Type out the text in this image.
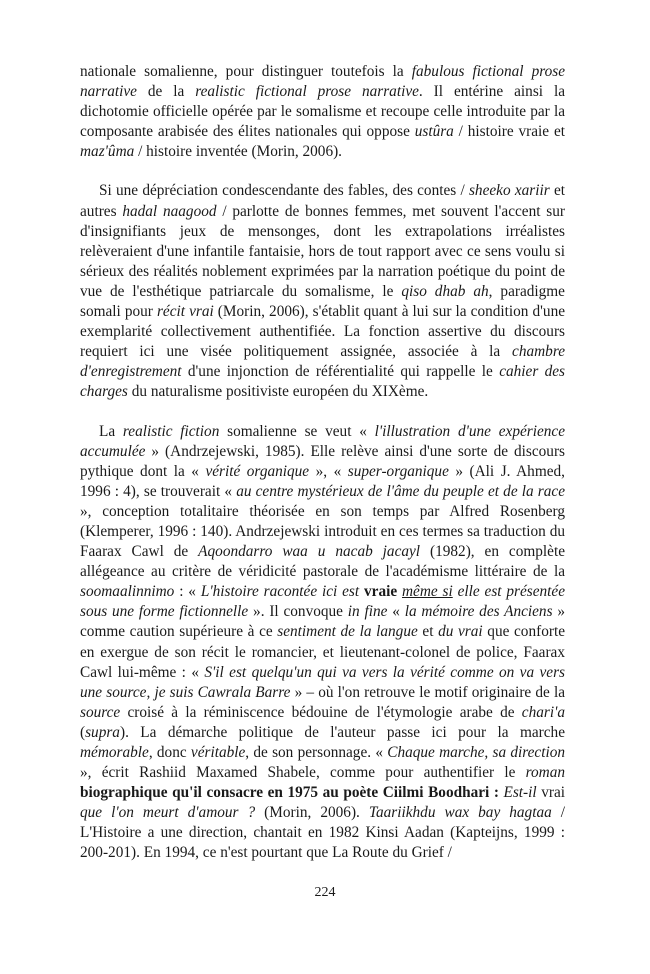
nationale somalienne, pour distinguer toutefois la fabulous fictional prose narrative de la realistic fictional prose narrative. Il entérine ainsi la dichotomie officielle opérée par le somalisme et recoupe celle introduite par la composante arabisée des élites nationales qui oppose ustûra / histoire vraie et maz'ûma / histoire inventée (Morin, 2006).

Si une dépréciation condescendante des fables, des contes / sheeko xariir et autres hadal naagood / parlotte de bonnes femmes, met souvent l'accent sur d'insignifiants jeux de mensonges, dont les extrapolations irréalistes relèveraient d'une infantile fantaisie, hors de tout rapport avec ce sens voulu si sérieux des réalités noblement exprimées par la narration poétique du point de vue de l'esthétique patriarcale du somalisme, le qiso dhab ah, paradigme somali pour récit vrai (Morin, 2006), s'établit quant à lui sur la condition d'une exemplarité collectivement authentifiée. La fonction assertive du discours requiert ici une visée politiquement assignée, associée à la chambre d'enregistrement d'une injonction de référentialité qui rappelle le cahier des charges du naturalisme positiviste européen du XIXème.

La realistic fiction somalienne se veut « l'illustration d'une expérience accumulée » (Andrzejewski, 1985). Elle relève ainsi d'une sorte de discours pythique dont la « vérité organique », « super-organique » (Ali J. Ahmed, 1996 : 4), se trouverait « au centre mystérieux de l'âme du peuple et de la race », conception totalitaire théorisée en son temps par Alfred Rosenberg (Klemperer, 1996 : 140). Andrzejewski introduit en ces termes sa traduction du Faarax Cawl de Aqoondarro waa u nacab jacayl (1982), en complète allégeance au critère de véridicité pastorale de l'académisme littéraire de la soomaalinnimo : « L'histoire racontée ici est vraie même si elle est présentée sous une forme fictionnelle ». Il convoque in fine « la mémoire des Anciens » comme caution supérieure à ce sentiment de la langue et du vrai que conforte en exergue de son récit le romancier, et lieutenant-colonel de police, Faarax Cawl lui-même : « S'il est quelqu'un qui va vers la vérité comme on va vers une source, je suis Cawrala Barre » – où l'on retrouve le motif originaire de la source croisé à la réminiscence bédouine de l'étymologie arabe de chari'a (supra). La démarche politique de l'auteur passe ici pour la marche mémorable, donc véritable, de son personnage. « Chaque marche, sa direction », écrit Rashiid Maxamed Shabele, comme pour authentifier le roman biographique qu'il consacre en 1975 au poète Ciilmi Boodhari : Est-il vrai que l'on meurt d'amour ? (Morin, 2006). Taariikhdu wax bay hagtaa / L'Histoire a une direction, chantait en 1982 Kinsi Aadan (Kapteijns, 1999 : 200-201). En 1994, ce n'est pourtant que La Route du Grief /

224
